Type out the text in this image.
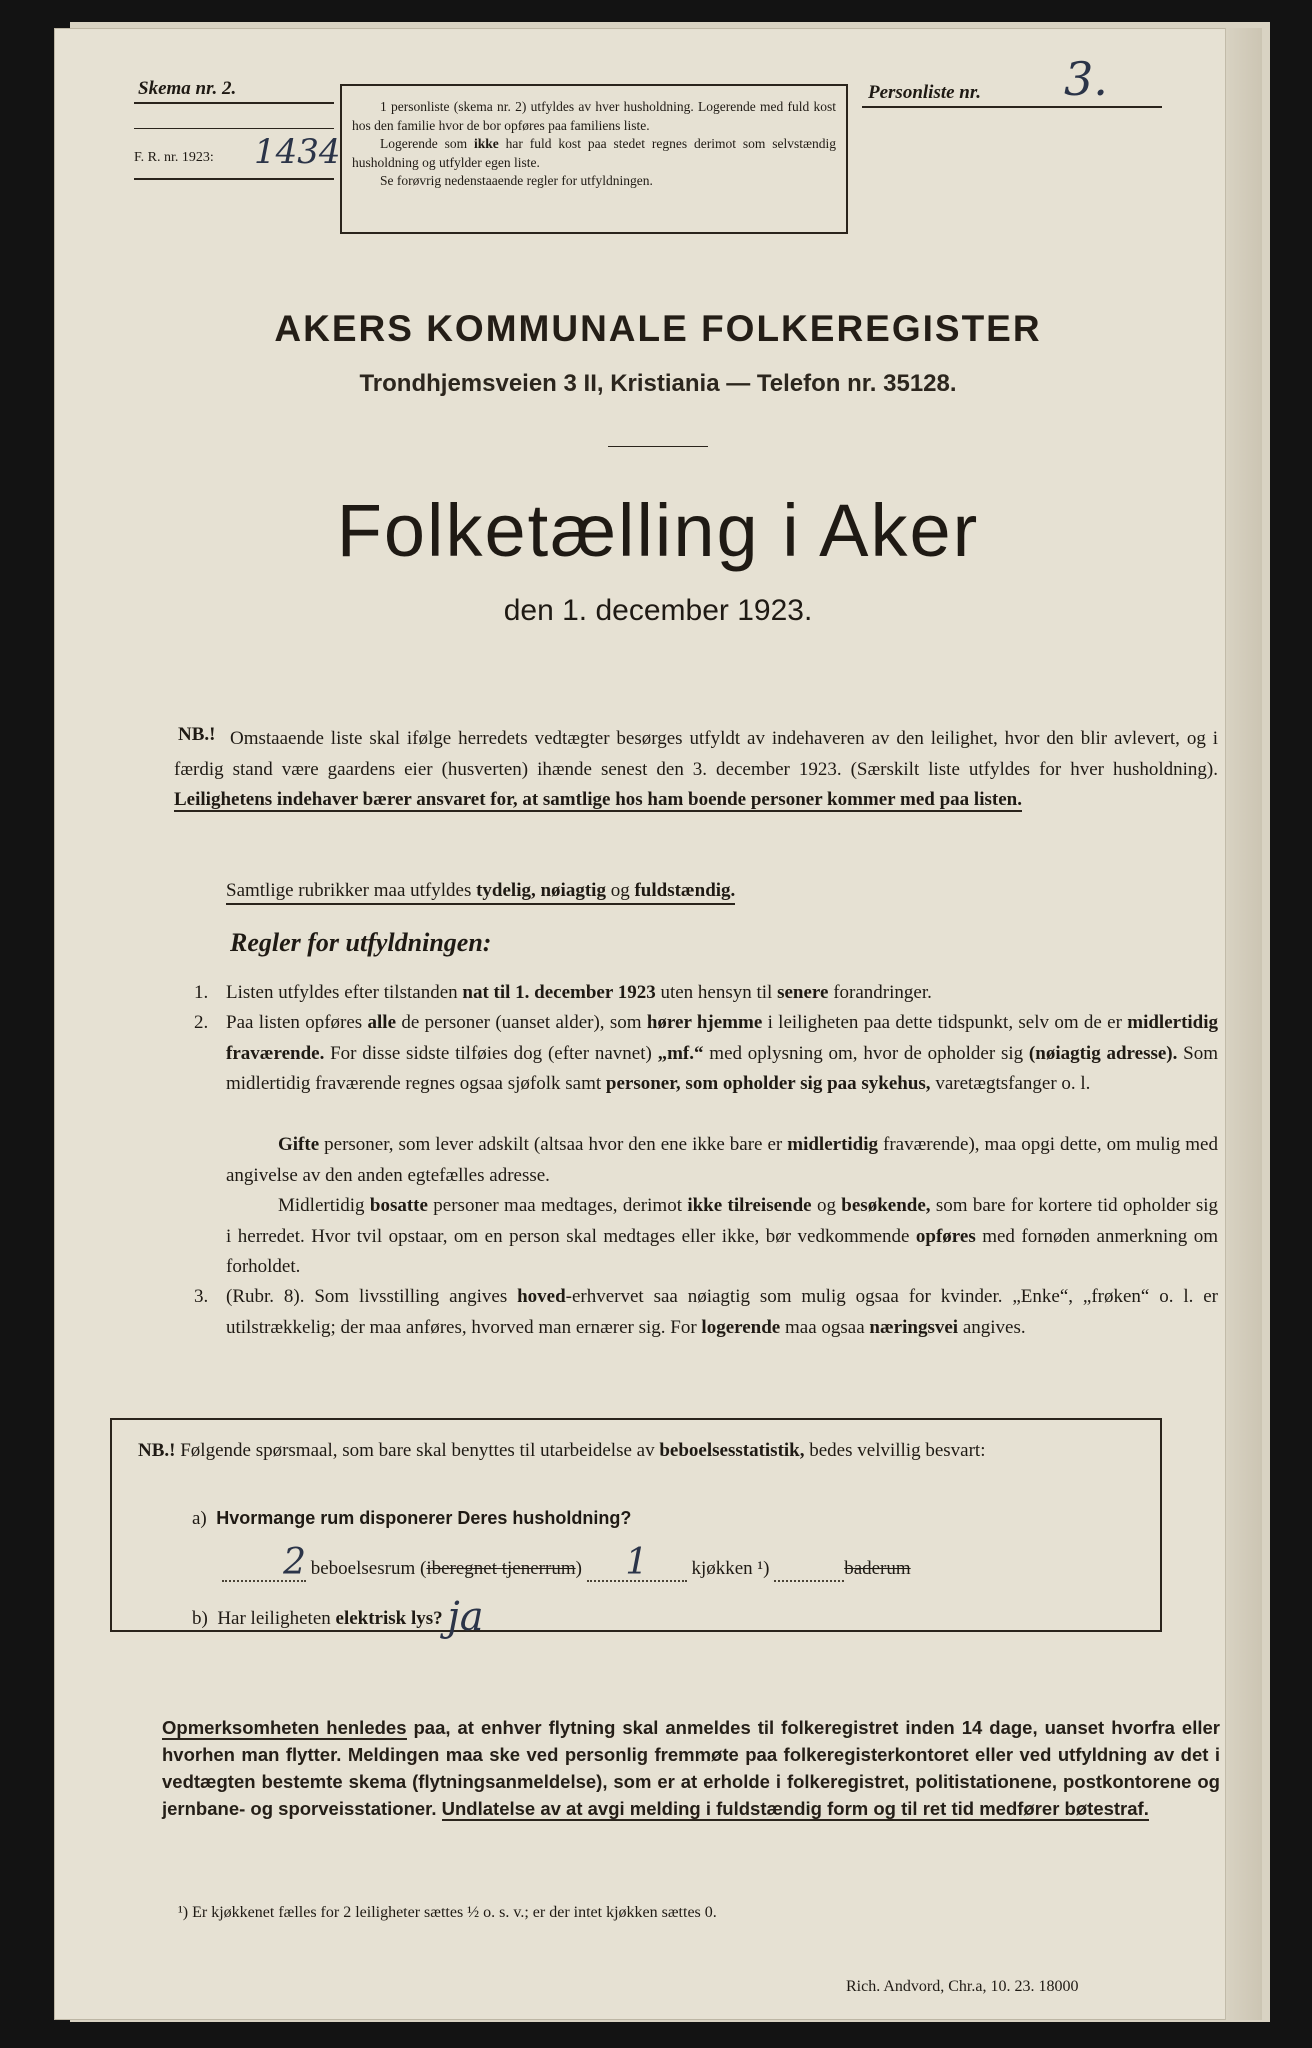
Skema nr. 2.
F. R. nr. 1923: 1434

1 personliste (skema nr. 2) utfyldes av hver husholdning. Logerende med fuld kost hos den familie hvor de bor opføres paa familiens liste.

Logerende som ikke har fuld kost paa stedet regnes derimot som selvstændig husholdning og utfylder egen liste.

Se forøvrig nedenstaaende regler for utfyldningen.

Personliste nr. 3.
AKERS KOMMUNALE FOLKEREGISTER
Trondhjemsveien 3 II, Kristiania — Telefon nr. 35128.
Folketælling i Aker
den 1. december 1923.
NB.! Omstaaende liste skal ifølge herredets vedtægter besørges utfyldt av indehaveren av den leilighet, hvor den blir avlevert, og i færdig stand være gaardens eier (husverten) ihænde senest den 3. december 1923. (Særskilt liste utfyldes for hver husholdning). Leilighetens indehaver bærer ansvaret for, at samtlige hos ham boende personer kommer med paa listen.
Samtlige rubrikker maa utfyldes tydelig, nøiagtig og fuldstændig.
Regler for utfyldningen:
1. Listen utfyldes efter tilstanden nat til 1. december 1923 uten hensyn til senere forandringer.
2. Paa listen opføres alle de personer (uanset alder), som hører hjemme i leiligheten paa dette tidspunkt, selv om de er midlertidig fraværende. For disse sidste tilføies dog (efter navnet) „mf.“ med oplysning om, hvor de opholder sig (nøiagtig adresse). Som midlertidig fraværende regnes ogsaa sjøfolk samt personer, som opholder sig paa sykehus, varetægtsfanger o. l.
Gifte personer, som lever adskilt (altsaa hvor den ene ikke bare er midlertidig fraværende), maa opgi dette, om mulig med angivelse av den anden egtefælles adresse.
Midlertidig bosatte personer maa medtages, derimot ikke tilreisende og besøkende, som bare for kortere tid opholder sig i herredet. Hvor tvil opstaar, om en person skal medtages eller ikke, bør vedkommende opføres med fornøden anmerkning om forholdet.
3. (Rubr. 8). Som livsstilling angives hoved-erhvervet saa nøiagtig som mulig ogsaa for kvinder. „Enke“, „frøken“ o. l. er utilstrækkelig; der maa anføres, hvorved man ernærer sig. For logerende maa ogsaa næringsvei angives.
NB.! Følgende spørsmaal, som bare skal benyttes til utarbeidelse av beboelsesstatistik, bedes velvillig besvart:
a) Hvormange rum disponerer Deres husholdning?
2 beboelsesrum (iberegnet tjenerrum) 1 kjøkken ¹)	baderum
b) Har leiligheten elektrisk lys? ja
Opmerksomheten henledes paa, at enhver flytning skal anmeldes til folkeregistret inden 14 dage, uanset hvorfra eller hvorhen man flytter. Meldingen maa ske ved personlig fremmøte paa folkeregisterkontoret eller ved utfyldning av det i vedtægten bestemte skema (flytningsanmeldelse), som er at erholde i folkeregistret, politistationene, postkontorene og jernbane- og sporveisstationer. Undlatelse av at avgi melding i fuldstændig form og til ret tid medfører bøtestraf.
¹) Er kjøkkenet fælles for 2 leiligheter sættes ½ o. s. v.; er der intet kjøkken sættes 0.
Rich. Andvord, Chr.a, 10. 23. 18000
